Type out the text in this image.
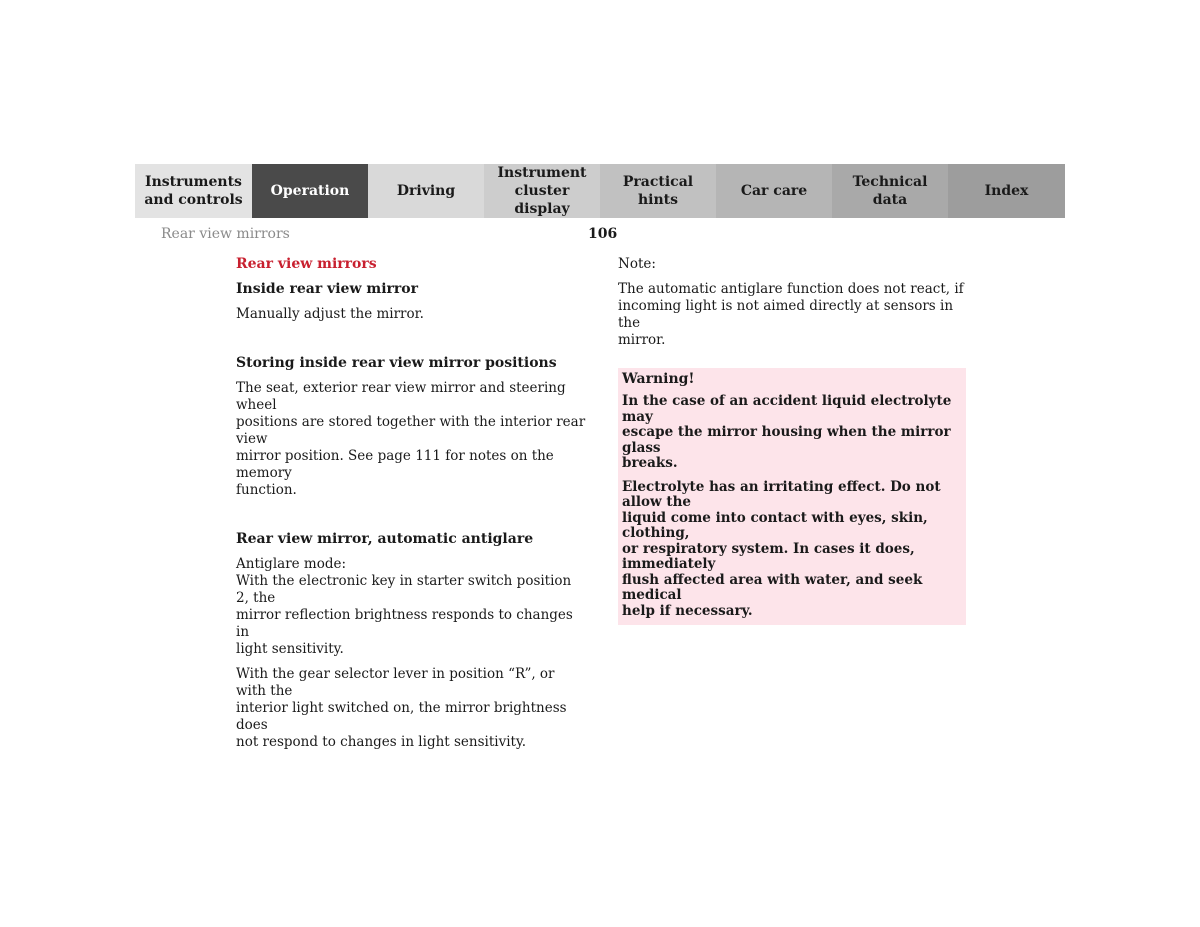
Instruments
and controls
Operation	Driving
Instrument
cluster display
Practical hints
Car care
Technical
data
Index
Rear view mirrors	106
Rear view mirrors
Inside rear view mirror

Manually adjust the mirror.

Storing inside rear view mirror positions

The seat, exterior rear view mirror and steering wheel
positions are stored together with the interior rear view
mirror position. See page 111 for notes on the memory
function.

Rear view mirror, automatic antiglare

Antiglare mode:
With the electronic key in starter switch position 2, the
mirror reflection brightness responds to changes in
light sensitivity.

With the gear selector lever in position “R”, or with the
interior light switched on, the mirror brightness does
not respond to changes in light sensitivity.

Note:

The automatic antiglare function does not react, if
incoming light is not aimed directly at sensors in the
mirror.

Warning!

In the case of an accident liquid electrolyte may
escape the mirror housing when the mirror glass
breaks.

Electrolyte has an irritating effect. Do not allow the
liquid come into contact with eyes, skin, clothing,
or respiratory system. In cases it does, immediately
flush affected area with water, and seek medical
help if necessary.
